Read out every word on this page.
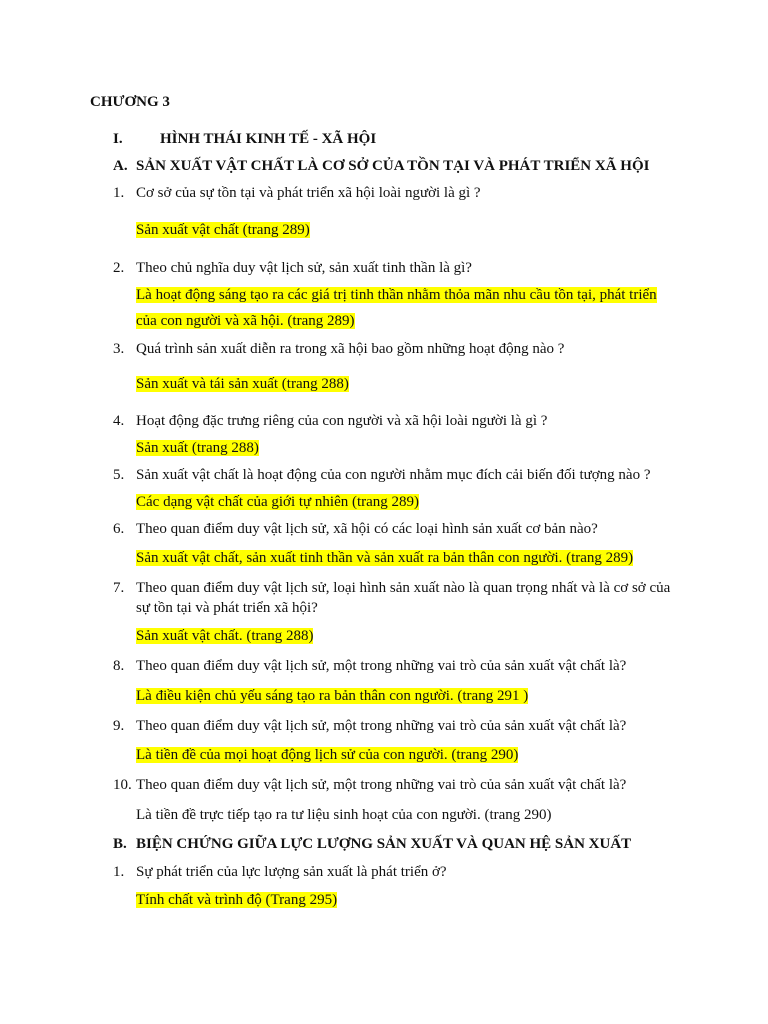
CHƯƠNG 3
I. HÌNH THÁI KINH TẾ - XÃ HỘI
A. SẢN XUẤT VẬT CHẤT LÀ CƠ SỞ CỦA TỒN TẠI VÀ PHÁT TRIỂN XÃ HỘI
1. Cơ sở của sự tồn tại và phát triển xã hội loài người là gì ?
Sản xuất vật chất (trang 289)
2. Theo chủ nghĩa duy vật lịch sử, sản xuất tinh thần là gì?
Là hoạt động sáng tạo ra các giá trị tinh thần nhằm thỏa mãn nhu cầu tồn tại, phát triển
của con người và xã hội. (trang 289)
3. Quá trình sản xuất diễn ra trong xã hội bao gồm những hoạt động nào ?
Sản xuất và tái sản xuất (trang 288)
4. Hoạt động đặc trưng riêng của con người và xã hội loài người là gì ?
Sản xuất (trang 288)
5. Sản xuất vật chất là hoạt động của con người nhằm mục đích cải biến đối tượng nào ?
Các dạng vật chất của giới tự nhiên (trang 289)
6. Theo quan điểm duy vật lịch sử, xã hội có các loại hình sản xuất cơ bản nào?
Sản xuất vật chất, sản xuất tinh thần và sản xuất ra bản thân con người. (trang 289)
7. Theo quan điểm duy vật lịch sử, loại hình sản xuất nào là quan trọng nhất và là cơ sở của
sự tồn tại và phát triển xã hội?
Sản xuất vật chất. (trang 288)
8. Theo quan điểm duy vật lịch sử, một trong những vai trò của sản xuất vật chất là?
Là điều kiện chủ yếu sáng tạo ra bản thân con người. (trang 291 )
9. Theo quan điểm duy vật lịch sử, một trong những vai trò của sản xuất vật chất là?
Là tiền đề của mọi hoạt động lịch sử của con người. (trang 290)
10. Theo quan điểm duy vật lịch sử, một trong những vai trò của sản xuất vật chất là?
Là tiền đề trực tiếp tạo ra tư liệu sinh hoạt của con người. (trang 290)
B. BIỆN CHỨNG GIỮA LỰC LƯỢNG SẢN XUẤT VÀ QUAN HỆ SẢN XUẤT
1. Sự phát triển của lực lượng sản xuất là phát triển ở?
Tính chất và trình độ (Trang 295)
